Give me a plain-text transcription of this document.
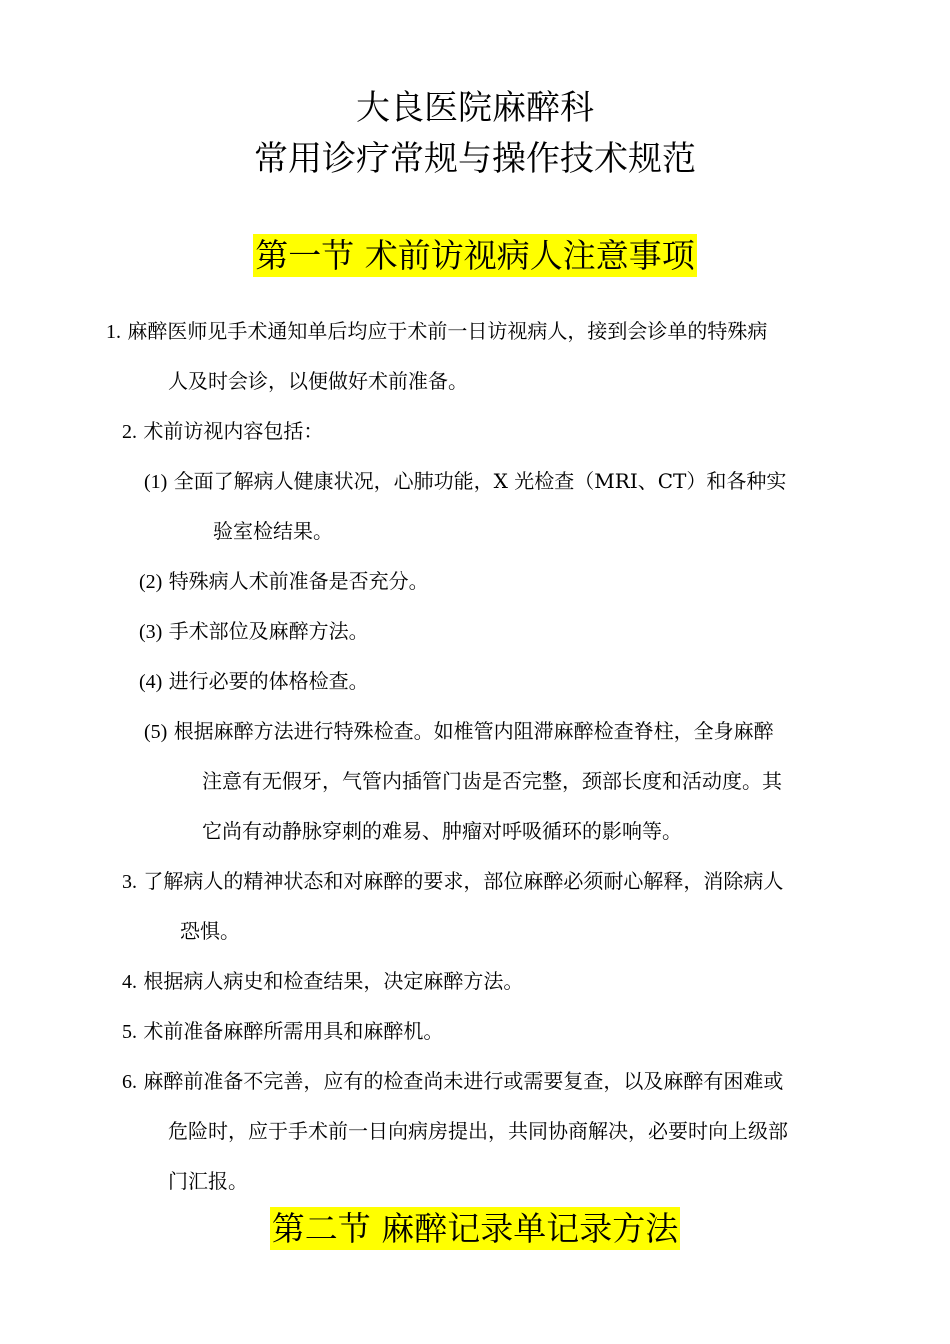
大良医院麻醉科
常用诊疗常规与操作技术规范
第一节 术前访视病人注意事项
1. 麻醉医师见手术通知单后均应于术前一日访视病人，接到会诊单的特殊病
人及时会诊，以便做好术前准备。
2. 术前访视内容包括：
(1) 全面了解病人健康状况，心肺功能，X 光检查（MRI、CT）和各种实
验室检结果。
(2) 特殊病人术前准备是否充分。
(3) 手术部位及麻醉方法。
(4) 进行必要的体格检查。
(5) 根据麻醉方法进行特殊检查。如椎管内阻滞麻醉检查脊柱，全身麻醉
注意有无假牙，气管内插管门齿是否完整，颈部长度和活动度。其
它尚有动静脉穿刺的难易、肿瘤对呼吸循环的影响等。
3. 了解病人的精神状态和对麻醉的要求，部位麻醉必须耐心解释，消除病人
恐惧。
4. 根据病人病史和检查结果，决定麻醉方法。
5. 术前准备麻醉所需用具和麻醉机。
6. 麻醉前准备不完善，应有的检查尚未进行或需要复查，以及麻醉有困难或
危险时，应于手术前一日向病房提出，共同协商解决，必要时向上级部
门汇报。
第二节 麻醉记录单记录方法
